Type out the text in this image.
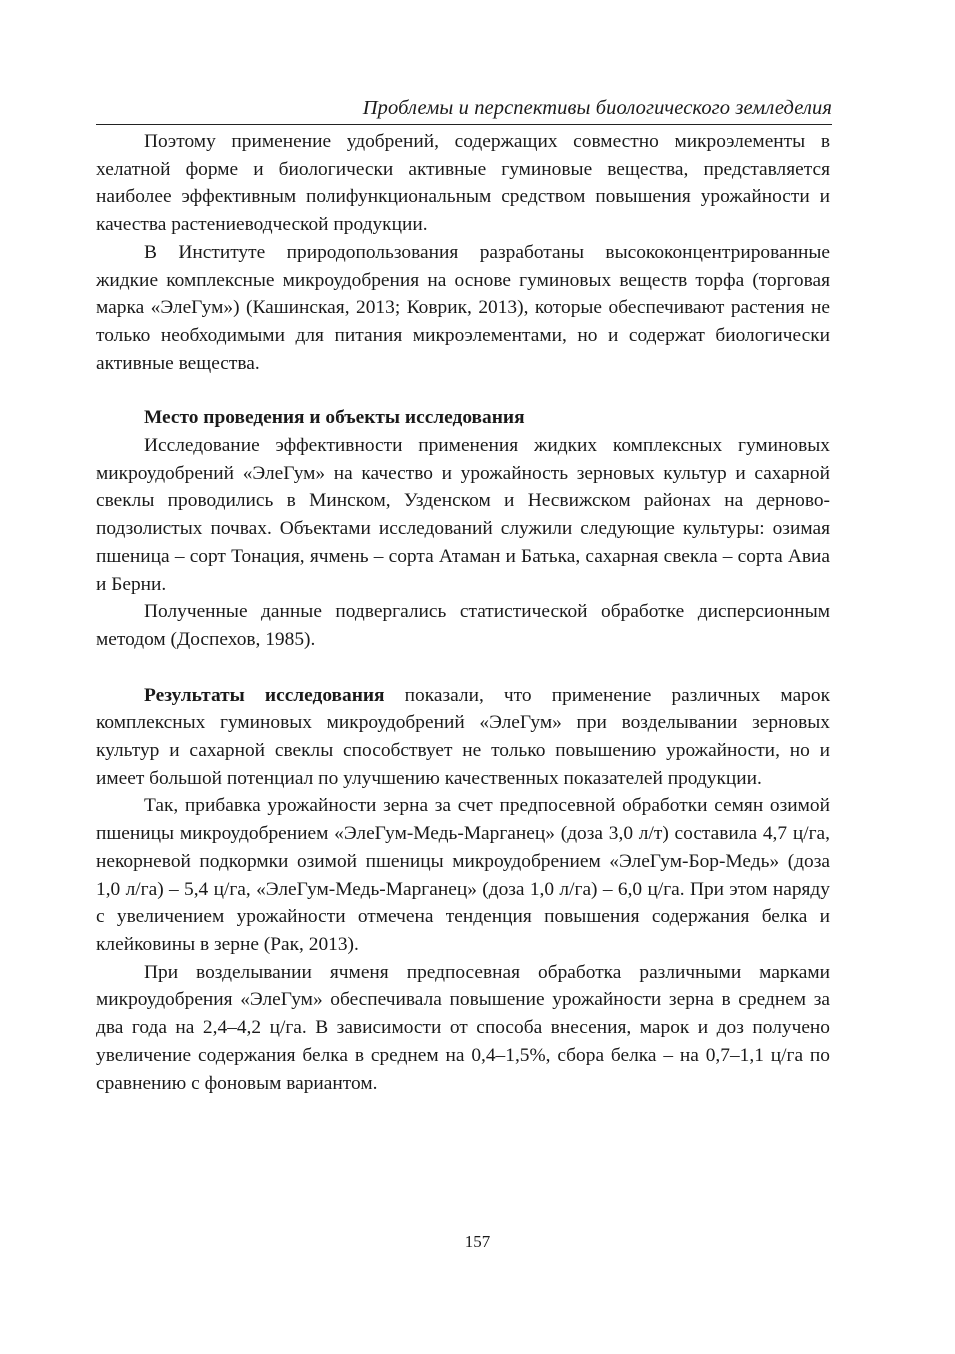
Проблемы и перспективы биологического земледелия

Поэтому применение удобрений, содержащих совместно микроэлементы в хелатной форме и биологически активные гуминовые вещества, представляется наиболее эффективным полифункциональным средством повышения урожайности и качества растениеводческой продукции.

В Институте природопользования разработаны высококонцентрированные жидкие комплексные микроудобрения на основе гуминовых веществ торфа (торговая марка «ЭлеГум») (Кашинская, 2013; Коврик, 2013), которые обеспечивают растения не только необходимыми для питания микроэлементами, но и содержат биологически активные вещества.

Место проведения и объекты исследования

Исследование эффективности применения жидких комплексных гуминовых микроудобрений «ЭлеГум» на качество и урожайность зерновых культур и сахарной свеклы проводились в Минском, Узденском и Несвижском районах на дерново-подзолистых почвах. Объектами исследований служили следующие культуры: озимая пшеница – сорт Тонация, ячмень – сорта Атаман и Батька, сахарная свекла – сорта Авиа и Берни.

Полученные данные подвергались статистической обработке дисперсионным методом (Доспехов, 1985).

Результаты исследования показали, что применение различных марок комплексных гуминовых микроудобрений «ЭлеГум» при возделывании зерновых культур и сахарной свеклы способствует не только повышению урожайности, но и имеет большой потенциал по улучшению качественных показателей продукции.

Так, прибавка урожайности зерна за счет предпосевной обработки семян озимой пшеницы микроудобрением «ЭлеГум-Медь-Марганец» (доза 3,0 л/т) составила 4,7 ц/га, некорневой подкормки озимой пшеницы микроудобрением «ЭлеГум-Бор-Медь» (доза 1,0 л/га) – 5,4 ц/га, «ЭлеГум-Медь-Марганец» (доза 1,0 л/га) – 6,0 ц/га. При этом наряду с увеличением урожайности отмечена тенденция повышения содержания белка и клейковины в зерне (Рак, 2013).

При возделывании ячменя предпосевная обработка различными марками микроудобрения «ЭлеГум» обеспечивала повышение урожайности зерна в среднем за два года на 2,4–4,2 ц/га. В зависимости от способа внесения, марок и доз получено увеличение содержания белка в среднем на 0,4–1,5%, сбора белка – на 0,7–1,1 ц/га по сравнению с фоновым вариантом.

157
